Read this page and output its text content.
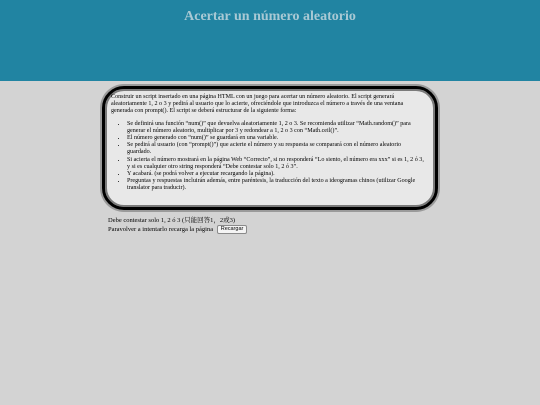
Acertar un número aleatorio

Construir un script insertado en una página HTML con un juego para acertar un número aleatorio. El script generará aleatoriamente 1, 2 o 3 y pedirá al usuario que lo acierte, ofreciéndole que introduzca el número a través de una ventana generada con prompt(). El script se deberá estructurar de la siguiente forma:

• Se definirá una función “num()” que devuelva aleatoriamente 1, 2 o 3. Se recomienda utilizar “Math.random()” para generar el número aleatorio, multiplicar por 3 y redondear a 1, 2 o 3 con “Math.ceil()”.
• El número generado con “num()” se guardará en una variable.
• Se pedirá al usuario (con “prompt()”) que acierte el número y su respuesta se comparará con el número aleatorio guardado.
• Si acierta el número mostrará en la página Web “Correcto”, si no responderá “Lo siento, el número era xxx” si es 1, 2 ó 3, y si es cualquier otro string responderá “Debe contestar solo 1, 2 ó 3”.
• Y acabará. (se podrá volver a ejecutar recargando la página).
• Preguntas y respuestas incluirán además, entre paréntesis, la traducción del texto a ideogramas chinos (utilizar Google translator para traducir).
Debe contestar solo 1, 2 ó 3 (只能回答1，2或3)
Paravolver a intentarlo recarga la página Recargar
